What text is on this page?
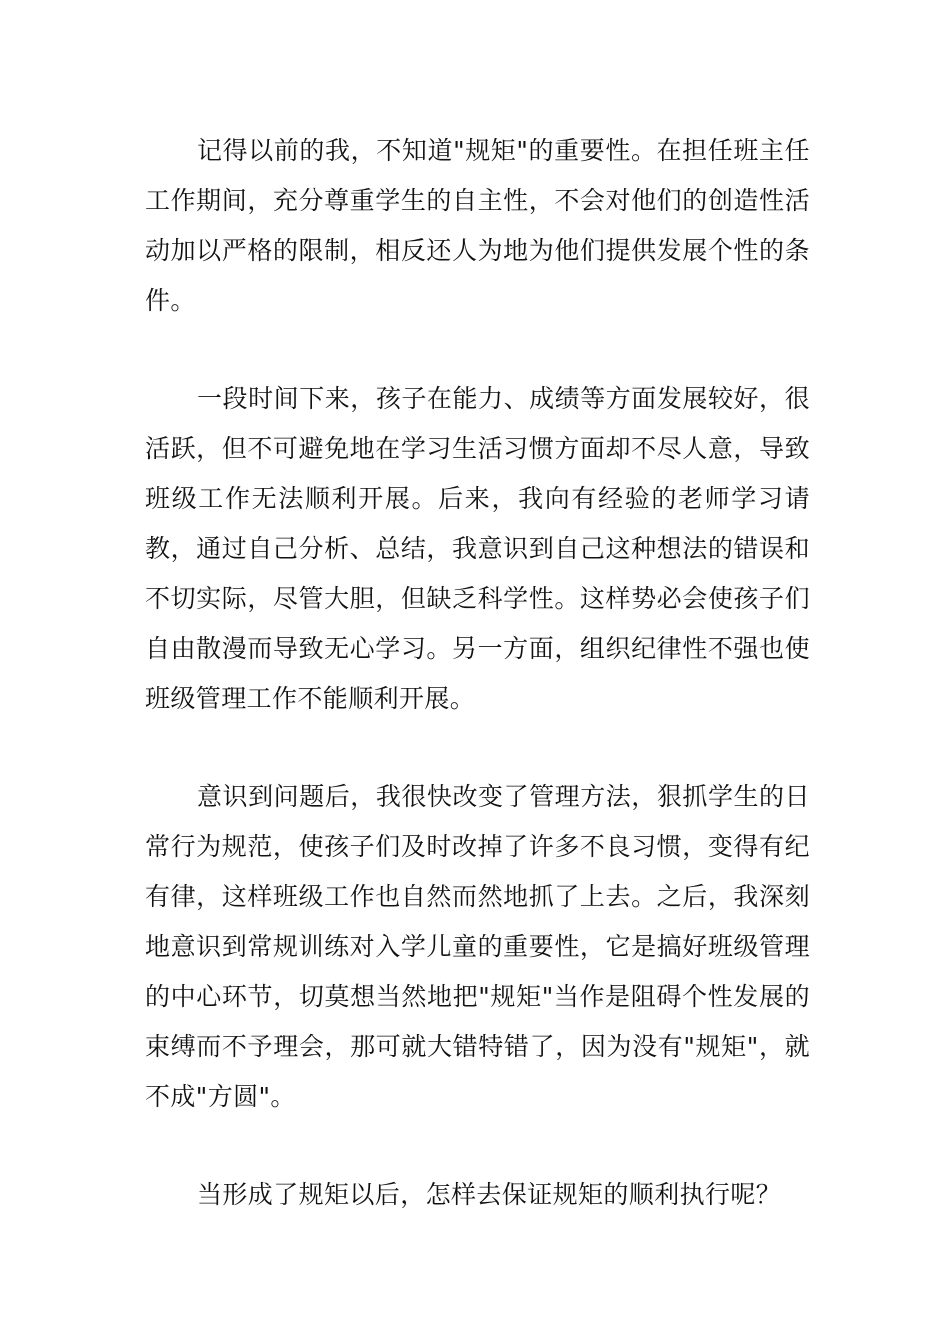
记得以前的我，不知道"规矩"的重要性。在担任班主任工作期间，充分尊重学生的自主性，不会对他们的创造性活动加以严格的限制，相反还人为地为他们提供发展个性的条件。

一段时间下来，孩子在能力、成绩等方面发展较好，很活跃，但不可避免地在学习生活习惯方面却不尽人意，导致班级工作无法顺利开展。后来，我向有经验的老师学习请教，通过自己分析、总结，我意识到自己这种想法的错误和不切实际，尽管大胆，但缺乏科学性。这样势必会使孩子们自由散漫而导致无心学习。另一方面，组织纪律性不强也使班级管理工作不能顺利开展。

意识到问题后，我很快改变了管理方法，狠抓学生的日常行为规范，使孩子们及时改掉了许多不良习惯，变得有纪有律，这样班级工作也自然而然地抓了上去。之后，我深刻地意识到常规训练对入学儿童的重要性，它是搞好班级管理的中心环节，切莫想当然地把"规矩"当作是阻碍个性发展的束缚而不予理会，那可就大错特错了，因为没有"规矩"，就不成"方圆"。

当形成了规矩以后，怎样去保证规矩的顺利执行呢？
